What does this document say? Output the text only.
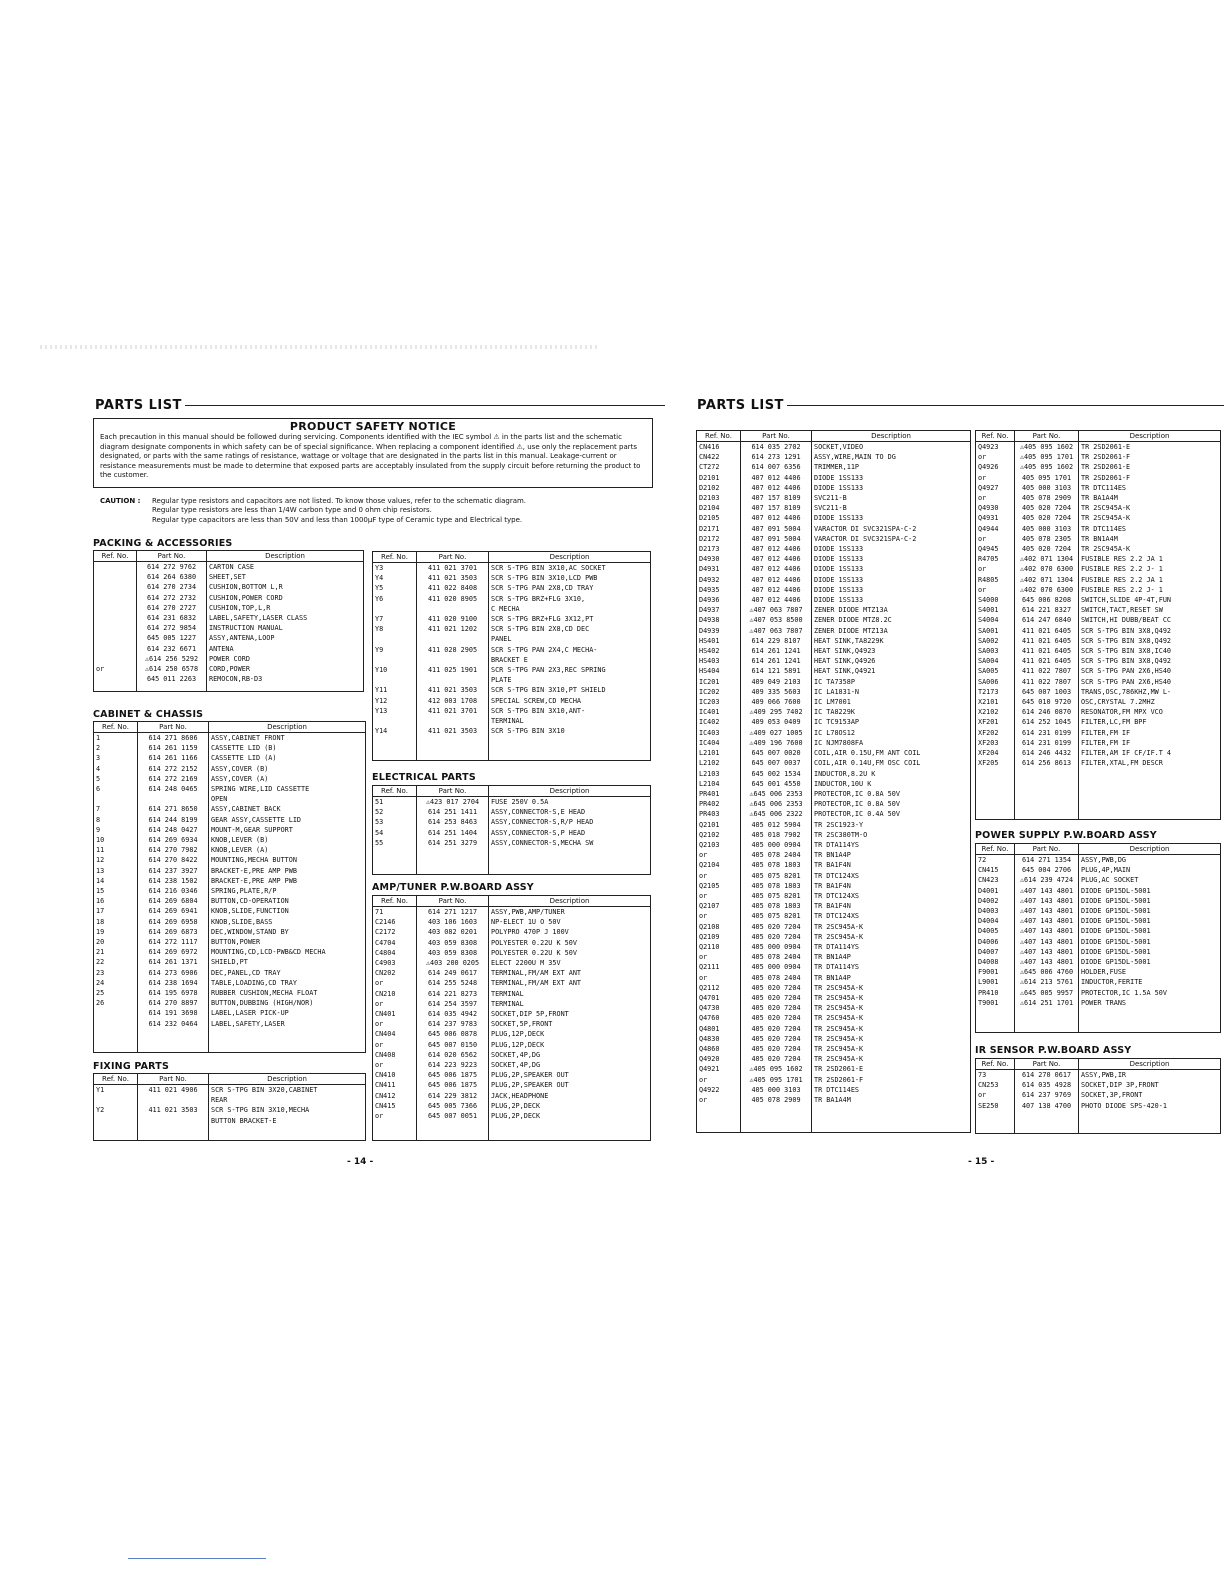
PARTS LIST
PRODUCT SAFETY NOTICE
Each precaution in this manual should be followed during servicing. Components identified with the IEC symbol ⚠ in the parts list and the schematic diagram designate components in which safety can be of special significance. When replacing a component identified ⚠, use only the replacement parts designated, or parts with the same ratings of resistance, wattage or voltage that are designated in the parts list in this manual. Leakage-current or resistance measurements must be made to determine that exposed parts are acceptably insulated from the supply circuit before returning the product to the customer.
CAUTION :	Regular type resistors and capacitors are not listed. To know those values, refer to the schematic diagram.
Regular type resistors are less than 1/4W carbon type and 0 ohm chip resistors.
Regular type capacitors are less than 50V and less than 1000µF type of Ceramic type and Electrical type.
PACKING & ACCESSORIES
Ref. No.	Part No.	Description
	614 272 9762	CARTON CASE
	614 264 6380	SHEET,SET
	614 270 2734	CUSHION,BOTTOM L,R
	614 272 2732	CUSHION,POWER CORD
	614 270 2727	CUSHION,TOP,L,R
	614 231 6832	LABEL,SAFETY,LASER CLASS
	614 272 9854	INSTRUCTION MANUAL
	645 005 1227	ASSY,ANTENA,LOOP
	614 232 6671	ANTENA
	⚠614 256 5292	POWER CORD
or	⚠614 250 6578	CORD,POWER
	645 011 2263	REMOCON,RB-D3

CABINET & CHASSIS
Ref. No.	Part No.	Description
1	614 271 8606	ASSY,CABINET FRONT
2	614 261 1159	CASSETTE LID (B)
3	614 261 1166	CASSETTE LID (A)
4	614 272 2152	ASSY,COVER (B)
5	614 272 2169	ASSY,COVER (A)
6	614 248 0465	SPRING WIRE,LID CASSETTE
		OPEN
7	614 271 8650	ASSY,CABINET BACK
8	614 244 8199	GEAR ASSY,CASSETTE LID
9	614 248 0427	MOUNT-M,GEAR SUPPORT
10	614 269 6934	KNOB,LEVER (B)
11	614 270 7982	KNOB,LEVER (A)
12	614 270 8422	MOUNTING,MECHA BUTTON
13	614 237 3927	BRACKET-E,PRE AMP PWB
14	614 238 1502	BRACKET-E,PRE AMP PWB
15	614 216 0346	SPRING,PLATE,R/P
16	614 269 6804	BUTTON,CD-OPERATION
17	614 269 6941	KNOB,SLIDE,FUNCTION
18	614 269 6958	KNOB,SLIDE,BASS
19	614 269 6873	DEC,WINDOW,STAND BY
20	614 272 1117	BUTTON,POWER
21	614 269 6972	MOUNTING,CD,LCD-PWB&CD MECHA
22	614 261 1371	SHIELD,PT
23	614 273 6906	DEC,PANEL,CD TRAY
24	614 238 1694	TABLE,LOADING,CD TRAY
25	614 195 6978	RUBBER CUSHION,MECHA FLOAT
26	614 270 8897	BUTTON,DUBBING (HIGH/NOR)
	614 191 3698	LABEL,LASER PICK-UP
	614 232 0464	LABEL,SAFETY,LASER

FIXING PARTS
Ref. No.	Part No.	Description
Y1	411 021 4906	SCR S-TPG BIN 3X20,CABINET
		REAR
Y2	411 021 3503	SCR S-TPG BIN 3X10,MECHA
		BUTTON BRACKET-E

Ref. No.	Part No.	Description
Y3	411 021 3701	SCR S-TPG BIN 3X10,AC SOCKET
Y4	411 021 3503	SCR S-TPG BIN 3X10,LCD PWB
Y5	411 022 8408	SCR S-TPG PAN 2X8,CD TRAY
Y6	411 020 8905	SCR S-TPG BRZ+FLG 3X10,
		C MECHA
Y7	411 020 9100	SCR S-TPG BRZ+FLG 3X12,PT
Y8	411 021 1202	SCR S-TPG BIN 2X8,CD DEC
		PANEL
Y9	411 028 2905	SCR S-TPG PAN 2X4,C MECHA-
		BRACKET E
Y10	411 025 1901	SCR S-TPG PAN 2X3,REC SPRING
		PLATE
Y11	411 021 3503	SCR S-TPG BIN 3X10,PT SHIELD
Y12	412 003 1708	SPECIAL SCREW,CD MECHA
Y13	411 021 3701	SCR S-TPG BIN 3X10,ANT-
		TERMINAL
Y14	411 021 3503	SCR S-TPG BIN 3X10

ELECTRICAL PARTS
Ref. No.	Part No.	Description
51	⚠423 017 2704	FUSE 250V 0.5A
52	614 251 1411	ASSY,CONNECTOR-S,E HEAD
53	614 253 8463	ASSY,CONNECTOR-S,R/P HEAD
54	614 251 1404	ASSY,CONNECTOR-S,P HEAD
55	614 251 3279	ASSY,CONNECTOR-S,MECHA SW

AMP/TUNER P.W.BOARD ASSY
Ref. No.	Part No.	Description
71	614 271 1217	ASSY,PWB,AMP/TUNER
C2146	403 106 1603	NP-ELECT 1U O 50V
C2172	403 082 0201	POLYPRO 470P J 100V
C4704	403 059 8308	POLYESTER 0.22U K 50V
C4804	403 059 8308	POLYESTER 0.22U K 50V
C4903	⚠403 200 0205	ELECT 2200U M 35V
CN202	614 249 0617	TERMINAL,FM/AM EXT ANT
or	614 255 5248	TERMINAL,FM/AM EXT ANT
CN210	614 221 8273	TERMINAL
or	614 254 3597	TERMINAL
CN401	614 035 4942	SOCKET,DIP 5P,FRONT
or	614 237 9783	SOCKET,5P,FRONT
CN404	645 006 0878	PLUG,12P,DECK
or	645 007 0150	PLUG,12P,DECK
CN408	614 020 6562	SOCKET,4P,DG
or	614 223 9223	SOCKET,4P,DG
CN410	645 006 1875	PLUG,2P,SPEAKER OUT
CN411	645 006 1875	PLUG,2P,SPEAKER OUT
CN412	614 229 3812	JACK,HEADPHONE
CN415	645 005 7366	PLUG,2P,DECK
or	645 007 0051	PLUG,2P,DECK

- 14 -
PARTS LIST
Ref. No.	Part No.	Description
CN416	614 035 2702	SOCKET,VIDEO
CN422	614 273 1291	ASSY,WIRE,MAIN TO DG
CT272	614 007 6356	TRIMMER,11P
D2101	407 012 4406	DIODE 1SS133
D2102	407 012 4406	DIODE 1SS133
D2103	407 157 8109	SVC211-B
D2104	407 157 8109	SVC211-B
D2105	407 012 4406	DIODE 1SS133
D2171	407 091 5004	VARACTOR DI SVC321SPA-C-2
D2172	407 091 5004	VARACTOR DI SVC321SPA-C-2
D2173	407 012 4406	DIODE 1SS133
D4930	407 012 4406	DIODE 1SS133
D4931	407 012 4406	DIODE 1SS133
D4932	407 012 4406	DIODE 1SS133
D4935	407 012 4406	DIODE 1SS133
D4936	407 012 4406	DIODE 1SS133
D4937	⚠407 063 7807	ZENER DIODE MTZ13A
D4938	⚠407 053 8500	ZENER DIODE MTZ8.2C
D4939	⚠407 063 7807	ZENER DIODE MTZ13A
HS401	614 229 8107	HEAT SINK,TA8229K
HS402	614 261 1241	HEAT SINK,Q4923
HS403	614 261 1241	HEAT SINK,Q4926
HS404	614 121 5891	HEAT SINK,Q4921
IC201	409 049 2103	IC TA7358P
IC202	409 335 5603	IC LA1831-N
IC203	409 066 7600	IC LM7001
IC401	⚠409 295 7402	IC TA8229K
IC402	409 053 0409	IC TC9153AP
IC403	⚠409 027 1005	IC L78OS12
IC404	⚠409 196 7600	IC NJM7808FA
L2101	645 007 0020	COIL,AIR 0.15U,FM ANT COIL
L2102	645 007 0037	COIL,AIR 0.14U,FM OSC COIL
L2103	645 002 1534	INDUCTOR,8.2U K
L2104	645 001 4550	INDUCTOR,10U K
PR401	⚠645 006 2353	PROTECTOR,IC 0.8A 50V
PR402	⚠645 006 2353	PROTECTOR,IC 0.8A 50V
PR403	⚠645 006 2322	PROTECTOR,IC 0.4A 50V
Q2101	405 012 5904	TR 2SC1923-Y
Q2102	405 018 7902	TR 2SC380TM-O
Q2103	405 000 0904	TR DTA114YS
or	405 078 2404	TR BN1A4P
Q2104	405 078 1803	TR BA1F4N
or	405 075 8201	TR DTC124XS
Q2105	405 078 1803	TR BA1F4N
or	405 075 8201	TR DTC124XS
Q2107	405 078 1803	TR BA1F4N
or	405 075 8201	TR DTC124XS
Q2108	405 020 7204	TR 2SC945A-K
Q2109	405 020 7204	TR 2SC945A-K
Q2110	405 000 0904	TR DTA114YS
or	405 078 2404	TR BN1A4P
Q2111	405 000 0904	TR DTA114YS
or	405 078 2404	TR BN1A4P
Q2112	405 020 7204	TR 2SC945A-K
Q4701	405 020 7204	TR 2SC945A-K
Q4730	405 020 7204	TR 2SC945A-K
Q4760	405 020 7204	TR 2SC945A-K
Q4801	405 020 7204	TR 2SC945A-K
Q4830	405 020 7204	TR 2SC945A-K
Q4860	405 020 7204	TR 2SC945A-K
Q4920	405 020 7204	TR 2SC945A-K
Q4921	⚠405 095 1602	TR 2SD2061-E
or	⚠405 095 1701	TR 2SD2061-F
Q4922	405 000 3103	TR DTC114ES
or	405 078 2909	TR BA1A4M

Ref. No.	Part No.	Description
Q4923	⚠405 095 1602	TR 2SD2061-E
or	⚠405 095 1701	TR 2SD2061-F
Q4926	⚠405 095 1602	TR 2SD2061-E
or	405 095 1701	TR 2SD2061-F
Q4927	405 000 3103	TR DTC114ES
or	405 078 2909	TR BA1A4M
Q4930	405 020 7204	TR 2SC945A-K
Q4931	405 020 7204	TR 2SC945A-K
Q4944	405 000 3103	TR DTC114ES
or	405 078 2305	TR BN1A4M
Q4945	405 020 7204	TR 2SC945A-K
R4705	⚠402 071 1304	FUSIBLE RES 2.2 JA 1
or	⚠402 070 6300	FUSIBLE RES 2.2 J- 1
R4805	⚠402 071 1304	FUSIBLE RES 2.2 JA 1
or	⚠402 070 6300	FUSIBLE RES 2.2 J- 1
S4000	645 006 8208	SWITCH,SLIDE 4P-4T,FUN
S4001	614 221 8327	SWITCH,TACT,RESET SW
S4004	614 247 6840	SWITCH,HI DUBB/BEAT CC
SA001	411 021 6405	SCR S-TPG BIN 3X8,Q492
SA002	411 021 6405	SCR S-TPG BIN 3X8,Q492
SA003	411 021 6405	SCR S-TPG BIN 3X8,IC40
SA004	411 021 6405	SCR S-TPG BIN 3X8,Q492
SA005	411 022 7807	SCR S-TPG PAN 2X6,HS40
SA006	411 022 7807	SCR S-TPG PAN 2X6,HS40
T2173	645 007 1003	TRANS,OSC,786KHZ,MW L-
X2101	645 010 9720	OSC,CRYSTAL 7.2MHZ
X2102	614 246 0870	RESONATOR,FM MPX VCO
XF201	614 252 1045	FILTER,LC,FM BPF
XF202	614 231 0199	FILTER,FM IF
XF203	614 231 0199	FILTER,FM IF
XF204	614 246 4432	FILTER,AM IF CF/IF.T 4
XF205	614 256 8613	FILTER,XTAL,FM DESCR

POWER SUPPLY P.W.BOARD ASSY
Ref. No.	Part No.	Description
72	614 271 1354	ASSY,PWB,DG
CN415	645 004 2706	PLUG,4P,MAIN
CN423	⚠614 239 4724	PLUG,AC SOCKET
D4001	⚠407 143 4801	DIODE GP15DL-5001
D4002	⚠407 143 4801	DIODE GP15DL-5001
D4003	⚠407 143 4801	DIODE GP15DL-5001
D4004	⚠407 143 4801	DIODE GP15DL-5001
D4005	⚠407 143 4801	DIODE GP15DL-5001
D4006	⚠407 143 4801	DIODE GP15DL-5001
D4007	⚠407 143 4801	DIODE GP15DL-5001
D4008	⚠407 143 4801	DIODE GP15DL-5001
F9001	⚠645 006 4760	HOLDER,FUSE
L9001	⚠614 213 5761	INDUCTOR,FERITE
PR410	⚠645 005 9957	PROTECTOR,IC 1.5A 50V
T9001	⚠614 251 1701	POWER TRANS

IR SENSOR P.W.BOARD ASSY
Ref. No.	Part No.	Description
73	614 270 0617	ASSY,PWB,IR
CN253	614 035 4928	SOCKET,DIP 3P,FRONT
or	614 237 9769	SOCKET,3P,FRONT
SE250	407 138 4700	PHOTO DIODE SPS-420-1

- 15 -
